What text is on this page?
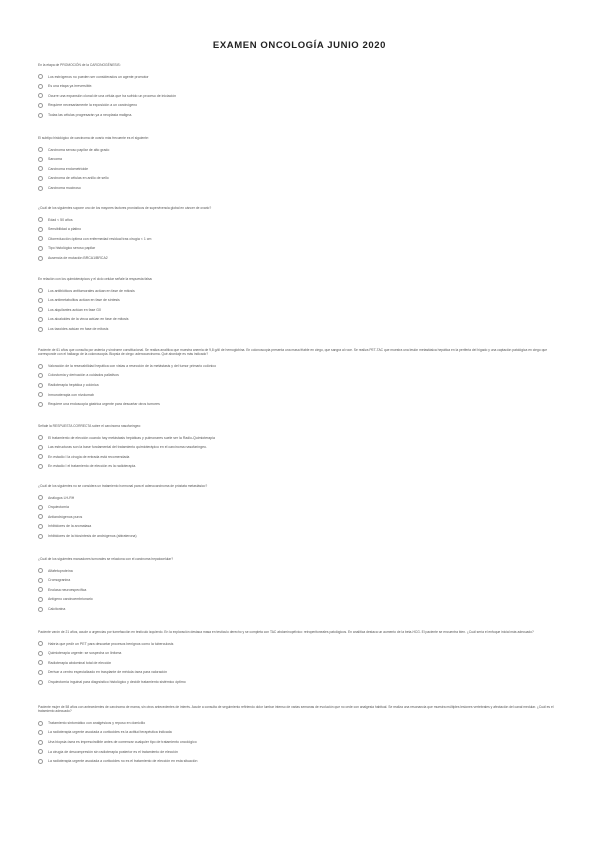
EXAMEN ONCOLOGÍA JUNIO 2020
En la etapa de PROMOCIÓN de la CARCINOGÉNESIS:
Los estrógenos no pueden ser considerados un agente promotor
Es una etapa ya irreversible.
Ocurre una expansión clonal de una célula que ha sufrido un proceso de iniciación
Requiere necesariamente la exposición a un carcinógeno
Todas las células progresarán ya a neoplasia maligna.
El subtipo histológico de carcinoma de ovario más frecuente es el siguiente:
Carcinoma seroso papilar de alto grado
Sarcoma
Carcinoma endometrioide
Carcinoma de células en anillo de sello
Carcinoma mucinoso
¿Cuál de los siguientes supone uno de los mayores factores pronósticos de supervivencia global en cáncer de ovario?
Edad < 50 años
Sensibilidad a platino
Citorreducción óptima con enfermedad residual tras cirugía < 1 cm
Tipo histológico seroso papilar
Ausencia de mutación BRCA1/BRCA2
En relación con los quimioterápicos y el ciclo celular señale la respuesta falsa:
Los antibióticos antitumorales actúan en fase de mitosis
Los antimetabolitos actúan en fase de síntesis
Los alquilantes actúan en fase G0
Los alcaloides de la vinca actúan en fase de mitosis
Los taxoides actúan en fase de mitosis
Paciente de 61 años que consulta por astenia y síndrome constitucional. Se realiza analítica que muestra anemia de 9,8 g/dl de hemoglobina. En colonoscopia presenta una masa friable en ciego, que sangra al roce. Se realiza PET-TAC que muestra una lesión metastásica hepática en la periferia del hígado y una captación patológica en ciego que corresponde con el hallazgo de la colonoscopia. Biopsia de ciego: adenocarcinoma. Qué abordaje es más indicado?
Valoración de la resecabilidad hepática con vistas a resección de la metástasis y del tumor primario colónico
Colostomía y derivación a cuidados paliativos
Radioterapia hepática y colónica
Inmunoterapia con nivolumab
Requiere una endoscopia gástrica urgente para descartar otros tumores
Señale la RESPUESTA CORRECTA sobre el carcinoma nasofaríngeo:
El tratamiento de elección cuando hay metástasis hepáticas y pulmonares suele ser la Radio-Quimioterapia
Las estructuras son la base fundamental del tratamiento quimioterápico en el carcinoma nasofaríngeo.
En estadio I la cirugía de entrada está recomendada
En estadio I el tratamiento de elección es la radioterapia.
¿Cuál de los siguientes no se considera un tratamiento hormonal para el adenocarcinoma de próstata metastásico?
Análogos LH-RH
Orquiectomía
Antiandrógenos puros
Inhibidores de la aromatasa
Inhibidores de la biosíntesis de andrógenos (abiraterona)
¿Cuál de los siguientes marcadores tumorales se relaciona con el carcinoma hepatocelular?
Alfafetoproteína
Cromogranina
Enolasa neuroespecífica
Antígeno carcinoembrionario
Calcitonina
Paciente varón de 21 años, acude a urgencias por tumefacción en testículo izquierdo. En la exploración destaca masa en testículo derecho y se completa con TAC abdominopélvico: retroperitoneales patológicos. En analítica destaca un aumento de la beta-HCG. El paciente se encuentra bien. ¿Cuál sería el enfoque inicial más adecuado?
Habría que pedir un PET para descartar procesos benignos como la tuberculosis
Quimioterapia urgente: se sospecha un linfoma
Radioterapia abdominal total de elección
Derivar a centro especializado en trasplante de médula ósea para valoración
Orquiectomía inguinal para diagnóstico histológico y decidir tratamiento sistémico óptimo
Paciente mujer de 58 años con antecedentes de carcinoma de mama, sin otros antecedentes de interés. Acude a consulta de seguimiento refiriendo dolor lumbar intenso de varias semanas de evolución que no cede con analgesia habitual. Se realiza una resonancia que muestra múltiples lesiones vertebrales y afectación del canal medular. ¿Cuál es el tratamiento adecuado?
Tratamiento sintomático con analgésicos y reposo en domicilio
La radioterapia urgente asociada a corticoides es la actitud terapéutica indicada
Una biopsia ósea es imprescindible antes de comenzar cualquier tipo de tratamiento oncológico
La cirugía de descompresión sin radioterapia posterior es el tratamiento de elección
La radioterapia urgente asociada a corticoides no es el tratamiento de elección en esta situación
